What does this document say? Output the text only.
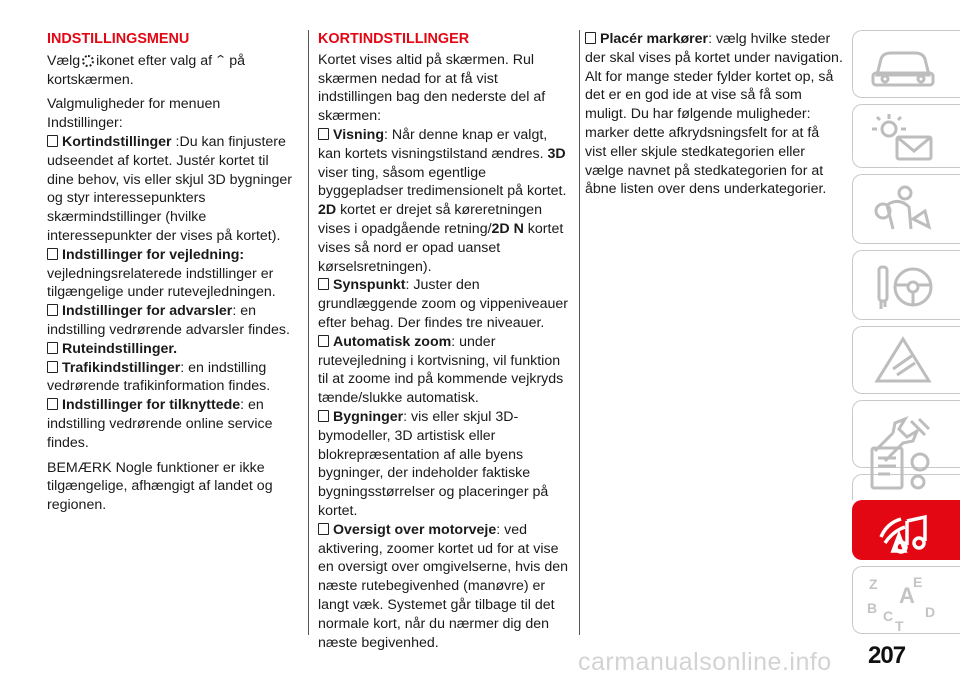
INDSTILLINGSMENU

Vælg ikonet efter valg af ⌃ på kortskærmen.

Valgmuligheder for menuen Indstillinger:
Kortindstillinger :Du kan finjustere udseendet af kortet. Justér kortet til dine behov, vis eller skjul 3D bygninger og styr interessepunkters skærmindstillinger (hvilke interessepunkter der vises på kortet).
Indstillinger for vejledning: vejledningsrelaterede indstillinger er tilgængelige under rutevejledningen.
Indstillinger for advarsler: en indstilling vedrørende advarsler findes.
Ruteindstillinger.
Trafikindstillinger: en indstilling vedrørende trafikinformation findes.
Indstillinger for tilknyttede: en indstilling vedrørende online service findes.

BEMÆRK Nogle funktioner er ikke tilgængelige, afhængigt af landet og regionen.

KORTINDSTILLINGER
Kortet vises altid på skærmen. Rul skærmen nedad for at få vist indstillingen bag den nederste del af skærmen:
Visning: Når denne knap er valgt, kan kortets visningstilstand ændres. 3D viser ting, såsom egentlige byggepladser tredimensionelt på kortet. 2D kortet er drejet så køreretningen vises i opadgående retning/2D N kortet vises så nord er opad uanset kørselsretningen).
Synspunkt: Juster den grundlæggende zoom og vippeniveauer efter behag. Der findes tre niveauer.
Automatisk zoom: under rutevejledning i kortvisning, vil funktion til at zoome ind på kommende vejkryds tænde/slukke automatisk.
Bygninger: vis eller skjul 3D-bymodeller, 3D artistisk eller blokrepræsentation af alle byens bygninger, der indeholder faktiske bygningsstørrelser og placeringer på kortet.
Oversigt over motorveje: ved aktivering, zoomer kortet ud for at vise en oversigt over omgivelserne, hvis den næste rutebegivenhed (manøvre) er langt væk. Systemet går tilbage til det normale kort, når du nærmer dig den næste begivenhed.
Placér markører: vælg hvilke steder der skal vises på kortet under navigation. Alt for mange steder fylder kortet op, så det er en god ide at vise så få som muligt. Du har følgende muligheder: marker dette afkrydsningsfelt for at få vist eller skjule stedkategorien eller vælge navnet på stedkategorien for at åbne listen over dens underkategorier.
Z	E
A
B C D
T
207
carmanualsonline.info
